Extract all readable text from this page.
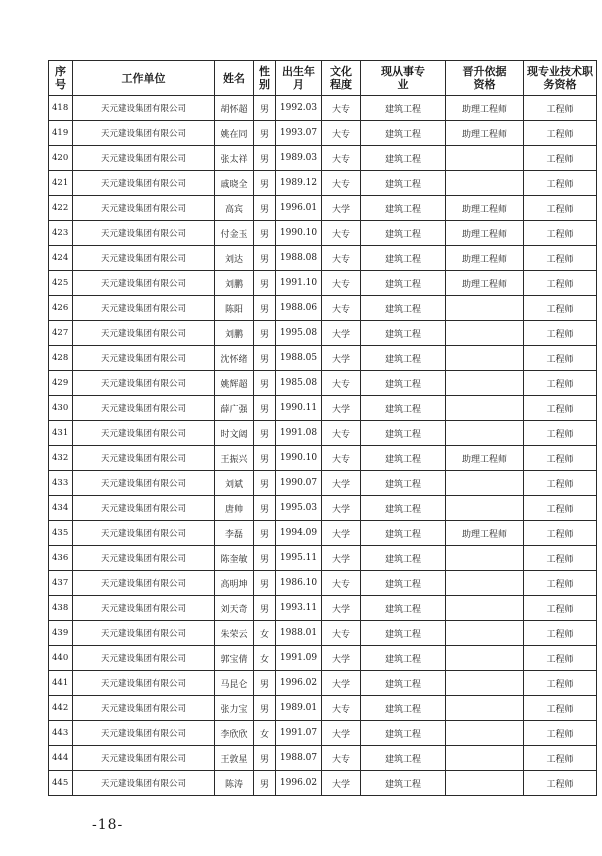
序号	工作单位	姓名	性别	出生年月	文化程度	现从事专业	晋升依据资格	现专业技术职务资格
418	天元建设集团有限公司	胡怀超	男	1992.03	大专	建筑工程	助理工程师	工程师
419	天元建设集团有限公司	姚在同	男	1993.07	大专	建筑工程	助理工程师	工程师
420	天元建设集团有限公司	张太祥	男	1989.03	大专	建筑工程		工程师
421	天元建设集团有限公司	戚晓全	男	1989.12	大专	建筑工程		工程师
422	天元建设集团有限公司	高宾	男	1996.01	大学	建筑工程	助理工程师	工程师
423	天元建设集团有限公司	付金玉	男	1990.10	大专	建筑工程	助理工程师	工程师
424	天元建设集团有限公司	刘达	男	1988.08	大专	建筑工程	助理工程师	工程师
425	天元建设集团有限公司	刘鹏	男	1991.10	大专	建筑工程	助理工程师	工程师
426	天元建设集团有限公司	陈阳	男	1988.06	大专	建筑工程		工程师
427	天元建设集团有限公司	刘鹏	男	1995.08	大学	建筑工程		工程师
428	天元建设集团有限公司	沈怀绪	男	1988.05	大学	建筑工程		工程师
429	天元建设集团有限公司	姚辉超	男	1985.08	大专	建筑工程		工程师
430	天元建设集团有限公司	薛广强	男	1990.11	大学	建筑工程		工程师
431	天元建设集团有限公司	时文阔	男	1991.08	大专	建筑工程		工程师
432	天元建设集团有限公司	王振兴	男	1990.10	大专	建筑工程	助理工程师	工程师
433	天元建设集团有限公司	刘斌	男	1990.07	大学	建筑工程		工程师
434	天元建设集团有限公司	唐帅	男	1995.03	大学	建筑工程		工程师
435	天元建设集团有限公司	李磊	男	1994.09	大学	建筑工程	助理工程师	工程师
436	天元建设集团有限公司	陈奎敏	男	1995.11	大学	建筑工程		工程师
437	天元建设集团有限公司	高明坤	男	1986.10	大专	建筑工程		工程师
438	天元建设集团有限公司	刘天奇	男	1993.11	大学	建筑工程		工程师
439	天元建设集团有限公司	朱荣云	女	1988.01	大专	建筑工程		工程师
440	天元建设集团有限公司	郭宝倩	女	1991.09	大学	建筑工程		工程师
441	天元建设集团有限公司	马昆仑	男	1996.02	大学	建筑工程		工程师
442	天元建设集团有限公司	张力宝	男	1989.01	大专	建筑工程		工程师
443	天元建设集团有限公司	李欣欣	女	1991.07	大学	建筑工程		工程师
444	天元建设集团有限公司	王敦星	男	1988.07	大专	建筑工程		工程师
445	天元建设集团有限公司	陈涛	男	1996.02	大学	建筑工程		工程师
-18-
